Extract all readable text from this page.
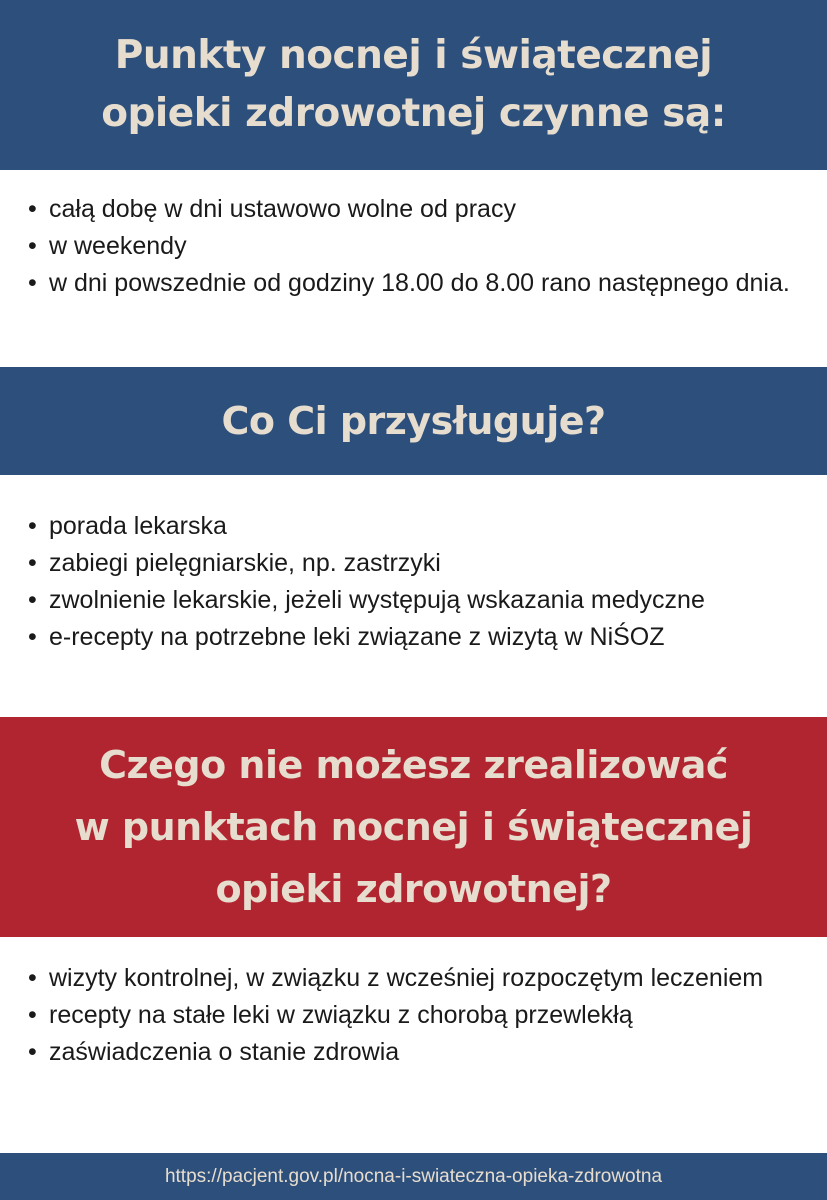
Punkty nocnej i świątecznej
opieki zdrowotnej czynne są:
• całą dobę w dni ustawowo wolne od pracy
• w weekendy
• w dni powszednie od godziny 18.00 do 8.00 rano następnego dnia.
Co Ci przysługuje?
• porada lekarska
• zabiegi pielęgniarskie, np. zastrzyki
• zwolnienie lekarskie, jeżeli występują wskazania medyczne
• e-recepty na potrzebne leki związane z wizytą w NiŚOZ
Czego nie możesz zrealizować
w punktach nocnej i świątecznej
opieki zdrowotnej?
• wizyty kontrolnej, w związku z wcześniej rozpoczętym leczeniem
• recepty na stałe leki w związku z chorobą przewlekłą
• zaświadczenia o stanie zdrowia
https://pacjent.gov.pl/nocna-i-swiateczna-opieka-zdrowotna
